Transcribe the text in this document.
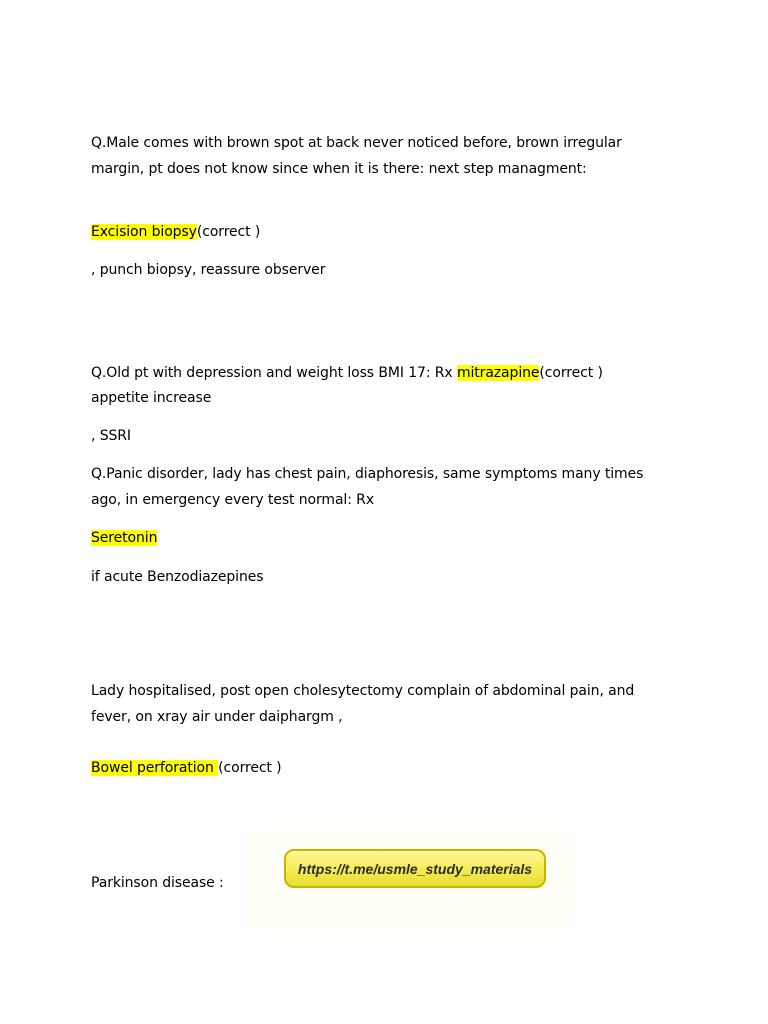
Q.Male comes with brown spot at back never noticed before, brown irregular
margin, pt does not know since when it is there: next step managment:
Excision biopsy(correct )
, punch biopsy, reassure observer
Q.Old pt with depression and weight loss BMI 17: Rx mitrazapine(correct )
appetite increase
, SSRI
Q.Panic disorder, lady has chest pain, diaphoresis, same symptoms many times
ago, in emergency every test normal: Rx
Seretonin
if acute Benzodiazepines
Lady hospitalised, post open cholesytectomy complain of abdominal pain, and
fever, on xray air under daiphargm ,
Bowel perforation (correct )
Parkinson disease :
https://t.me/usmle_study_materials
